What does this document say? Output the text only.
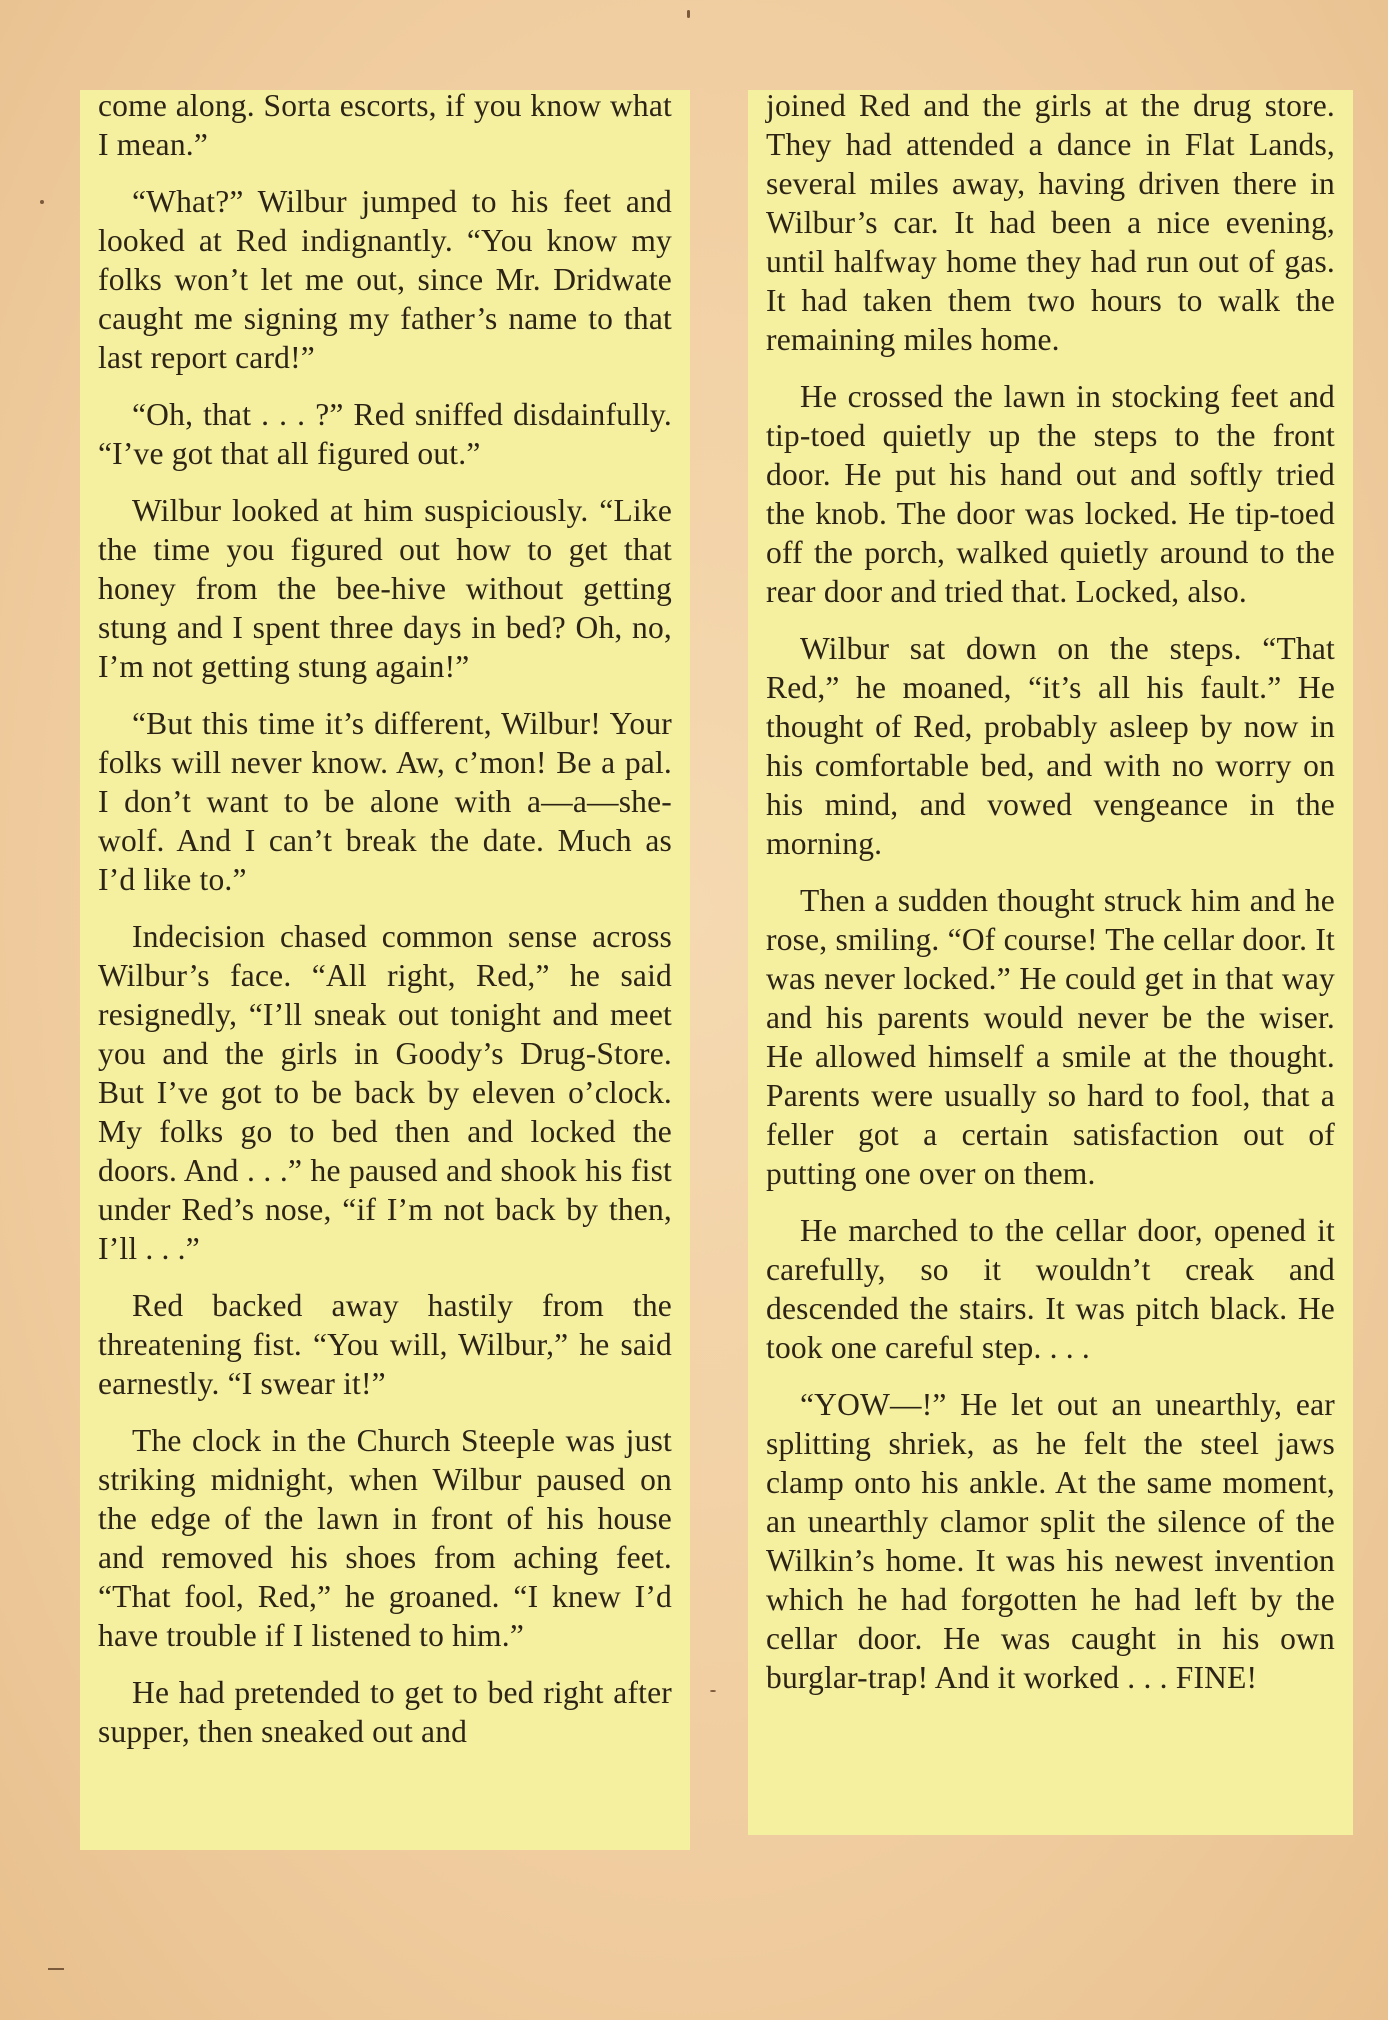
come along. Sorta escorts, if you know what I mean.”

“What?” Wilbur jumped to his feet and looked at Red indignantly. “You know my folks won’t let me out, since Mr. Dridwate caught me signing my father’s name to that last report card!”

“Oh, that . . . ?” Red sniffed disdainfully. “I’ve got that all figured out.”

Wilbur looked at him suspiciously. “Like the time you figured out how to get that honey from the bee-hive without getting stung and I spent three days in bed? Oh, no, I’m not getting stung again!”

“But this time it’s different, Wilbur! Your folks will never know. Aw, c’mon! Be a pal. I don’t want to be alone with a—a—she-wolf. And I can’t break the date. Much as I’d like to.”

Indecision chased common sense across Wilbur’s face. “All right, Red,” he said resignedly, “I’ll sneak out tonight and meet you and the girls in Goody’s Drug-Store. But I’ve got to be back by eleven o’clock. My folks go to bed then and locked the doors. And . . .” he paused and shook his fist under Red’s nose, “if I’m not back by then, I’ll . . .”

Red backed away hastily from the threatening fist. “You will, Wilbur,” he said earnestly. “I swear it!”

The clock in the Church Steeple was just striking midnight, when Wilbur paused on the edge of the lawn in front of his house and removed his shoes from aching feet. “That fool, Red,” he groaned. “I knew I’d have trouble if I listened to him.”

He had pretended to get to bed right after supper, then sneaked out and

joined Red and the girls at the drug store. They had attended a dance in Flat Lands, several miles away, having driven there in Wilbur’s car. It had been a nice evening, until halfway home they had run out of gas. It had taken them two hours to walk the remaining miles home.

He crossed the lawn in stocking feet and tip-toed quietly up the steps to the front door. He put his hand out and softly tried the knob. The door was locked. He tip-toed off the porch, walked quietly around to the rear door and tried that. Locked, also.

Wilbur sat down on the steps. “That Red,” he moaned, “it’s all his fault.” He thought of Red, probably asleep by now in his comfortable bed, and with no worry on his mind, and vowed vengeance in the morning.

Then a sudden thought struck him and he rose, smiling. “Of course! The cellar door. It was never locked.” He could get in that way and his parents would never be the wiser. He allowed himself a smile at the thought. Parents were usually so hard to fool, that a feller got a certain satisfaction out of putting one over on them.

He marched to the cellar door, opened it carefully, so it wouldn’t creak and descended the stairs. It was pitch black. He took one careful step. . . .

“YOW—!” He let out an unearthly, ear splitting shriek, as he felt the steel jaws clamp onto his ankle. At the same moment, an unearthly clamor split the silence of the Wilkin’s home. It was his newest invention which he had forgotten he had left by the cellar door. He was caught in his own burglar-trap! And it worked . . . FINE!
